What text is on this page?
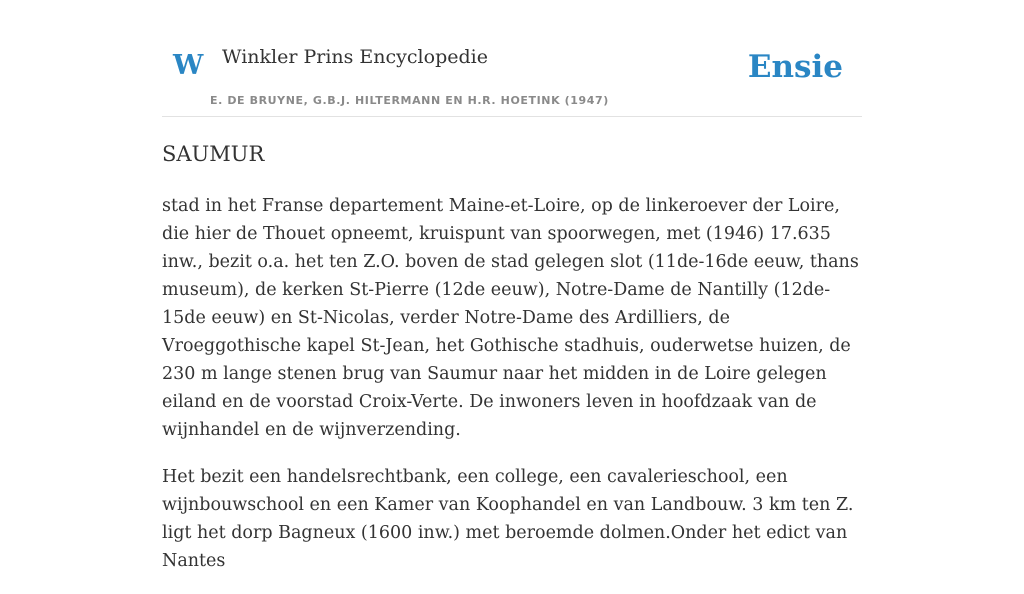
W Winkler Prins Encyclopedie
E. DE BRUYNE, G.B.J. HILTERMANN EN H.R. HOETINK (1947)
Ensie
SAUMUR

stad in het Franse departement Maine-et-Loire, op de linkeroever der Loire, die hier de Thouet opneemt, kruispunt van spoorwegen, met (1946) 17.635 inw., bezit o.a. het ten Z.O. boven de stad gelegen slot (11de-16de eeuw, thans museum), de kerken St-Pierre (12de eeuw), Notre-Dame de Nantilly (12de-15de eeuw) en St-Nicolas, verder Notre-Dame des Ardilliers, de Vroeggothische kapel St-Jean, het Gothische stadhuis, ouderwetse huizen, de 230 m lange stenen brug van Saumur naar het midden in de Loire gelegen eiland en de voorstad Croix-Verte. De inwoners leven in hoofdzaak van de wijnhandel en de wijnverzending.

Het bezit een handelsrechtbank, een college, een cavalerieschool, een wijnbouwschool en een Kamer van Koophandel en van Landbouw. 3 km ten Z. ligt het dorp Bagneux (1600 inw.) met beroemde dolmen.Onder het edict van Nantes
